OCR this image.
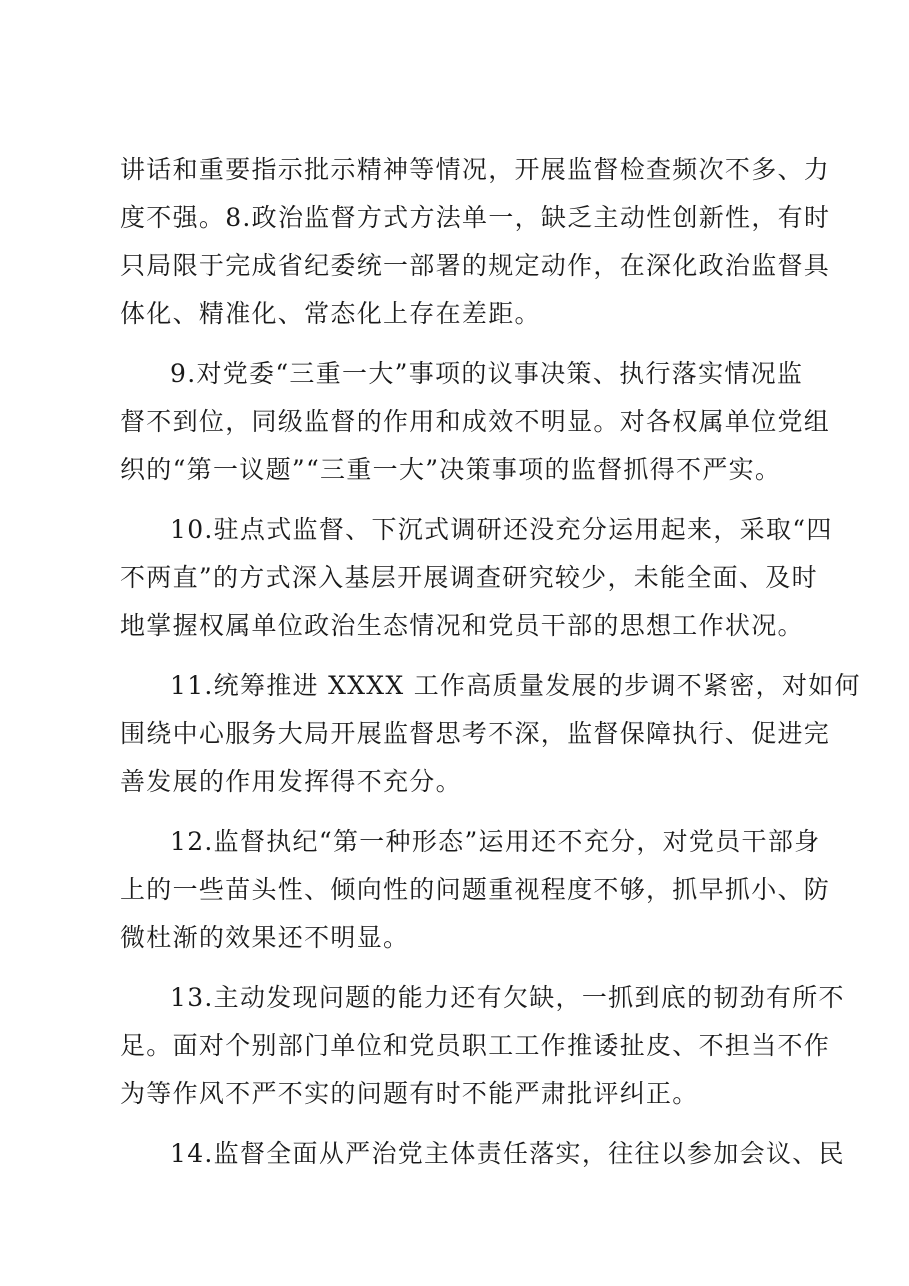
讲话和重要指示批示精神等情况，开展监督检查频次不多、力
度不强。8.政治监督方式方法单一，缺乏主动性创新性，有时
只局限于完成省纪委统一部署的规定动作，在深化政治监督具
体化、精准化、常态化上存在差距。

9.对党委“三重一大”事项的议事决策、执行落实情况监
督不到位，同级监督的作用和成效不明显。对各权属单位党组
织的“第一议题”“三重一大”决策事项的监督抓得不严实。

10.驻点式监督、下沉式调研还没充分运用起来，采取“四
不两直”的方式深入基层开展调查研究较少，未能全面、及时
地掌握权属单位政治生态情况和党员干部的思想工作状况。

11.统筹推进 XXXX 工作高质量发展的步调不紧密，对如何
围绕中心服务大局开展监督思考不深，监督保障执行、促进完
善发展的作用发挥得不充分。

12.监督执纪“第一种形态”运用还不充分，对党员干部身
上的一些苗头性、倾向性的问题重视程度不够，抓早抓小、防
微杜渐的效果还不明显。

13.主动发现问题的能力还有欠缺，一抓到底的韧劲有所不
足。面对个别部门单位和党员职工工作推诿扯皮、不担当不作
为等作风不严不实的问题有时不能严肃批评纠正。

14.监督全面从严治党主体责任落实，往往以参加会议、民
